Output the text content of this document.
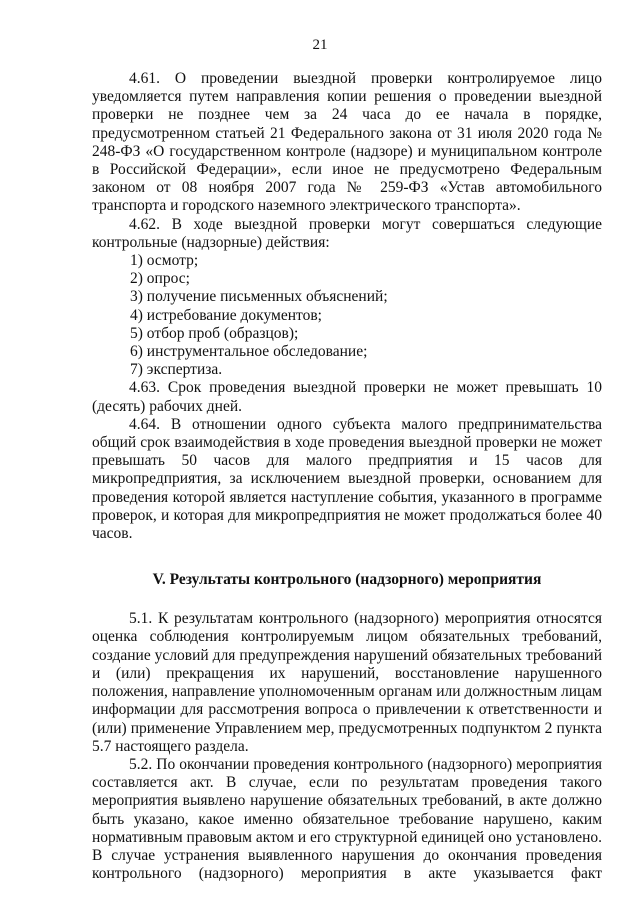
21

4.61. О проведении выездной проверки контролируемое лицо уведомляется путем направления копии решения о проведении выездной проверки не позднее чем за 24 часа до ее начала в порядке, предусмотренном статьей 21 Федерального закона от 31 июля 2020 года № 248-ФЗ «О государственном контроле (надзоре) и муниципальном контроле в Российской Федерации», если иное не предусмотрено Федеральным законом от 08 ноября 2007 года № 259-ФЗ «Устав автомобильного транспорта и городского наземного электрического транспорта».

4.62. В ходе выездной проверки могут совершаться следующие контрольные (надзорные) действия:

1) осмотр;

2) опрос;

3) получение письменных объяснений;

4) истребование документов;

5) отбор проб (образцов);

6) инструментальное обследование;

7) экспертиза.

4.63. Срок проведения выездной проверки не может превышать 10 (десять) рабочих дней.

4.64. В отношении одного субъекта малого предпринимательства общий срок взаимодействия в ходе проведения выездной проверки не может превышать 50 часов для малого предприятия и 15 часов для микропредприятия, за исключением выездной проверки, основанием для проведения которой является наступление события, указанного в программе проверок, и которая для микропредприятия не может продолжаться более 40 часов.

V. Результаты контрольного (надзорного) мероприятия

5.1. К результатам контрольного (надзорного) мероприятия относятся оценка соблюдения контролируемым лицом обязательных требований, создание условий для предупреждения нарушений обязательных требований и (или) прекращения их нарушений, восстановление нарушенного положения, направление уполномоченным органам или должностным лицам информации для рассмотрения вопроса о привлечении к ответственности и (или) применение Управлением мер, предусмотренных подпунктом 2 пункта 5.7 настоящего раздела.

5.2. По окончании проведения контрольного (надзорного) мероприятия составляется акт. В случае, если по результатам проведения такого мероприятия выявлено нарушение обязательных требований, в акте должно быть указано, какое именно обязательное требование нарушено, каким нормативным правовым актом и его структурной единицей оно установлено. В случае устранения выявленного нарушения до окончания проведения контрольного (надзорного) мероприятия в акте указывается факт
